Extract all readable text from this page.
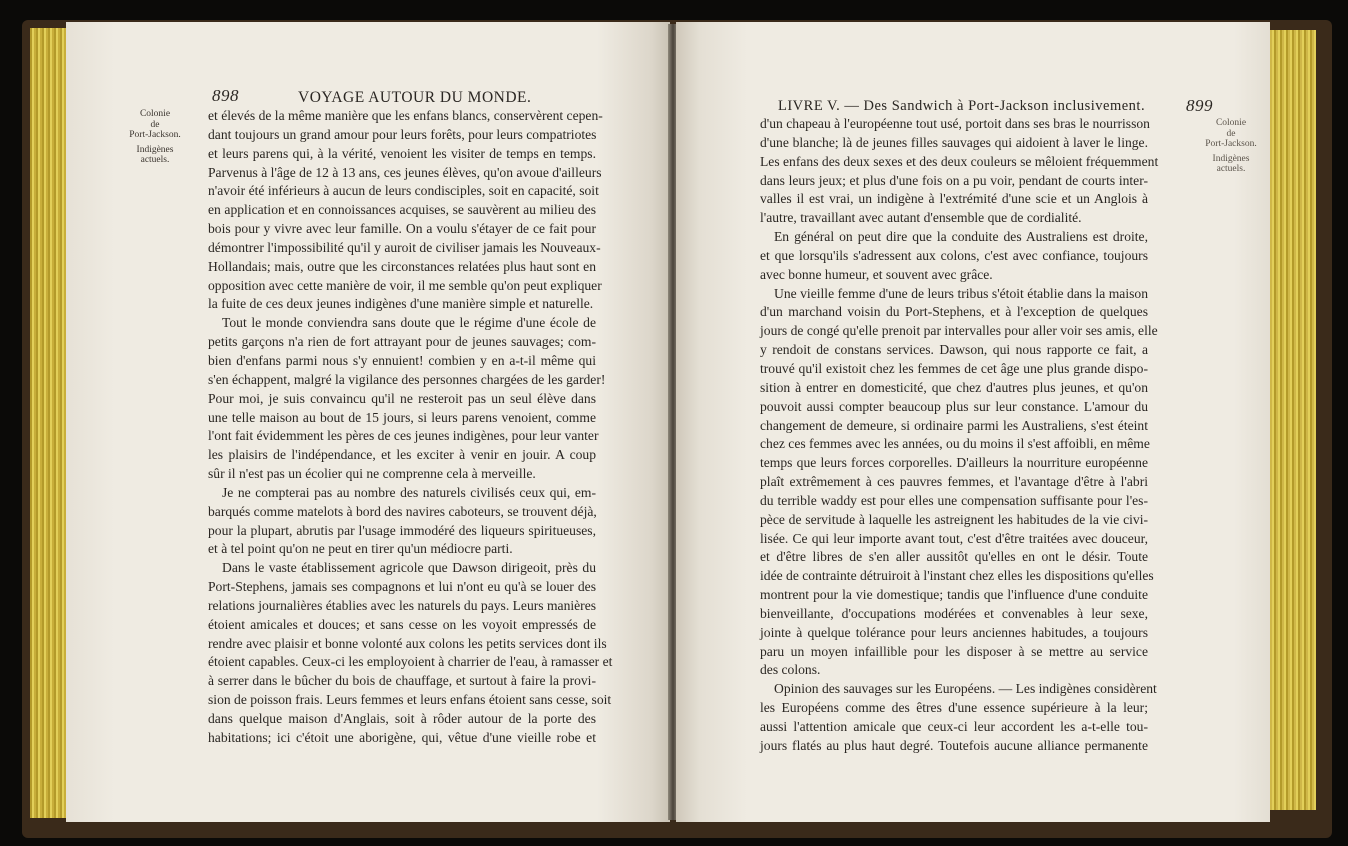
898	VOYAGE AUTOUR DU MONDE.
Colonie
de
Port-Jackson.
Indigènes
actuels.
et élevés de la même manière que les enfans blancs, conservèrent cepen-
dant toujours un grand amour pour leurs forêts, pour leurs compatriotes
et leurs parens qui, à la vérité, venoient les visiter de temps en temps.
Parvenus à l'âge de 12 à 13 ans, ces jeunes élèves, qu'on avoue d'ailleurs
n'avoir été inférieurs à aucun de leurs condisciples, soit en capacité, soit
en application et en connoissances acquises, se sauvèrent au milieu des
bois pour y vivre avec leur famille. On a voulu s'étayer de ce fait pour
démontrer l'impossibilité qu'il y auroit de civiliser jamais les Nouveaux-
Hollandais; mais, outre que les circonstances relatées plus haut sont en
opposition avec cette manière de voir, il me semble qu'on peut expliquer
la fuite de ces deux jeunes indigènes d'une manière simple et naturelle.
Tout le monde conviendra sans doute que le régime d'une école de
petits garçons n'a rien de fort attrayant pour de jeunes sauvages; com-
bien d'enfans parmi nous s'y ennuient! combien y en a-t-il même qui
s'en échappent, malgré la vigilance des personnes chargées de les garder!
Pour moi, je suis convaincu qu'il ne resteroit pas un seul élève dans
une telle maison au bout de 15 jours, si leurs parens venoient, comme
l'ont fait évidemment les pères de ces jeunes indigènes, pour leur vanter
les plaisirs de l'indépendance, et les exciter à venir en jouir. A coup
sûr il n'est pas un écolier qui ne comprenne cela à merveille.
Je ne compterai pas au nombre des naturels civilisés ceux qui, em-
barqués comme matelots à bord des navires caboteurs, se trouvent déjà,
pour la plupart, abrutis par l'usage immodéré des liqueurs spiritueuses,
et à tel point qu'on ne peut en tirer qu'un médiocre parti.
Dans le vaste établissement agricole que Dawson dirigeoit, près du
Port-Stephens, jamais ses compagnons et lui n'ont eu qu'à se louer des
relations journalières établies avec les naturels du pays. Leurs manières
étoient amicales et douces; et sans cesse on les voyoit empressés de
rendre avec plaisir et bonne volonté aux colons les petits services dont ils
étoient capables. Ceux-ci les employoient à charrier de l'eau, à ramasser et
à serrer dans le bûcher du bois de chauffage, et surtout à faire la provi-
sion de poisson frais. Leurs femmes et leurs enfans étoient sans cesse, soit
dans quelque maison d'Anglais, soit à rôder autour de la porte des
habitations; ici c'étoit une aborigène, qui, vêtue d'une vieille robe et
LIVRE V. — Des Sandwich à Port-Jackson inclusivement. 899
Colonie
de
Port-Jackson.
Indigènes
actuels.
d'un chapeau à l'européenne tout usé, portoit dans ses bras le nourrisson
d'une blanche; là de jeunes filles sauvages qui aidoient à laver le linge.
Les enfans des deux sexes et des deux couleurs se mêloient fréquemment
dans leurs jeux; et plus d'une fois on a pu voir, pendant de courts inter-
valles il est vrai, un indigène à l'extrémité d'une scie et un Anglois à
l'autre, travaillant avec autant d'ensemble que de cordialité.
En général on peut dire que la conduite des Australiens est droite,
et que lorsqu'ils s'adressent aux colons, c'est avec confiance, toujours
avec bonne humeur, et souvent avec grâce.
Une vieille femme d'une de leurs tribus s'étoit établie dans la maison
d'un marchand voisin du Port-Stephens, et à l'exception de quelques
jours de congé qu'elle prenoit par intervalles pour aller voir ses amis, elle
y rendoit de constans services. Dawson, qui nous rapporte ce fait, a
trouvé qu'il existoit chez les femmes de cet âge une plus grande dispo-
sition à entrer en domesticité, que chez d'autres plus jeunes, et qu'on
pouvoit aussi compter beaucoup plus sur leur constance. L'amour du
changement de demeure, si ordinaire parmi les Australiens, s'est éteint
chez ces femmes avec les années, ou du moins il s'est affoibli, en même
temps que leurs forces corporelles. D'ailleurs la nourriture européenne
plaît extrêmement à ces pauvres femmes, et l'avantage d'être à l'abri
du terrible waddy est pour elles une compensation suffisante pour l'es-
pèce de servitude à laquelle les astreignent les habitudes de la vie civi-
lisée. Ce qui leur importe avant tout, c'est d'être traitées avec douceur,
et d'être libres de s'en aller aussitôt qu'elles en ont le désir. Toute
idée de contrainte détruiroit à l'instant chez elles les dispositions qu'elles
montrent pour la vie domestique; tandis que l'influence d'une conduite
bienveillante, d'occupations modérées et convenables à leur sexe,
jointe à quelque tolérance pour leurs anciennes habitudes, a toujours
paru un moyen infaillible pour les disposer à se mettre au service
des colons.
Opinion des sauvages sur les Européens. — Les indigènes considèrent
les Européens comme des êtres d'une essence supérieure à la leur;
aussi l'attention amicale que ceux-ci leur accordent les a-t-elle tou-
jours flatés au plus haut degré. Toutefois aucune alliance permanente
